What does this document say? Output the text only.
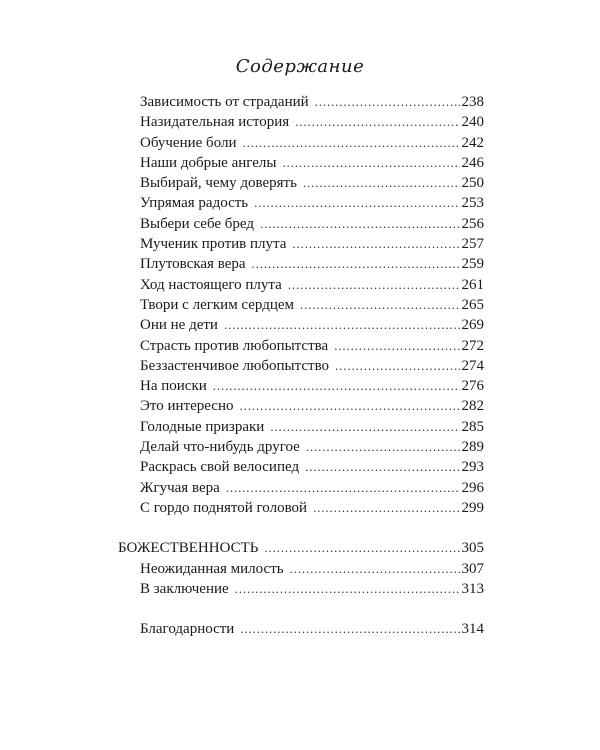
Содержание
Зависимость от страданий . . .	238
Назидательная история . . .	240
Обучение боли . . .	242
Наши добрые ангелы . . .	246
Выбирай, чему доверять . . .	250
Упрямая радость . . .	253
Выбери себе бред . . .	256
Мученик против плута . . .	257
Плутовская вера . . .	259
Ход настоящего плута . . .	261
Твори с легким сердцем . . .	265
Они не дети . . .	269
Страсть против любопытства . . .	272
Беззастенчивое любопытство . . .	274
На поиски . . .	276
Это интересно . . .	282
Голодные призраки . . .	285
Делай что-нибудь другое . . .	289
Раскрась свой велосипед . . .	293
Жгучая вера . . .	296
С гордо поднятой головой . . .	299
БОЖЕСТВЕННОСТЬ . . .	305
Неожиданная милость . . .	307
В заключение . . .	313
Благодарности . . .	314
